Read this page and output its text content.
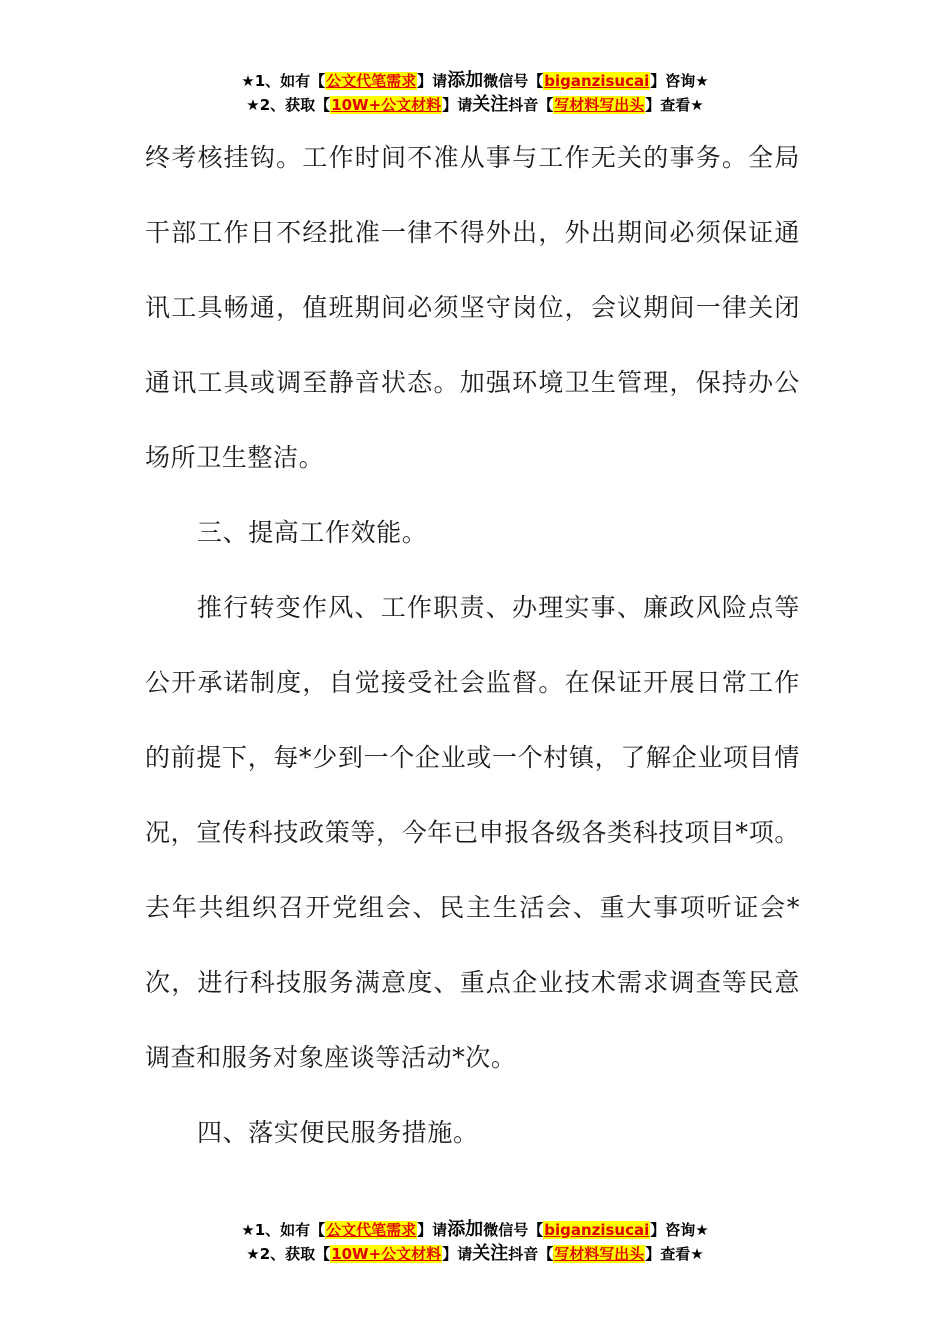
★1、如有【公文代笔需求】请添加微信号【biganzisucai】咨询★
★2、获取【10W+公文材料】请关注抖音【写材料写出头】查看★

终考核挂钩。工作时间不准从事与工作无关的事务。全局干部工作日不经批准一律不得外出，外出期间必须保证通讯工具畅通，值班期间必须坚守岗位，会议期间一律关闭通讯工具或调至静音状态。加强环境卫生管理，保持办公场所卫生整洁。

三、提高工作效能。

推行转变作风、工作职责、办理实事、廉政风险点等公开承诺制度，自觉接受社会监督。在保证开展日常工作的前提下，每*少到一个企业或一个村镇，了解企业项目情况，宣传科技政策等，今年已申报各级各类科技项目*项。去年共组织召开党组会、民主生活会、重大事项听证会*次，进行科技服务满意度、重点企业技术需求调查等民意调查和服务对象座谈等活动*次。

四、落实便民服务措施。

★1、如有【公文代笔需求】请添加微信号【biganzisucai】咨询★
★2、获取【10W+公文材料】请关注抖音【写材料写出头】查看★
